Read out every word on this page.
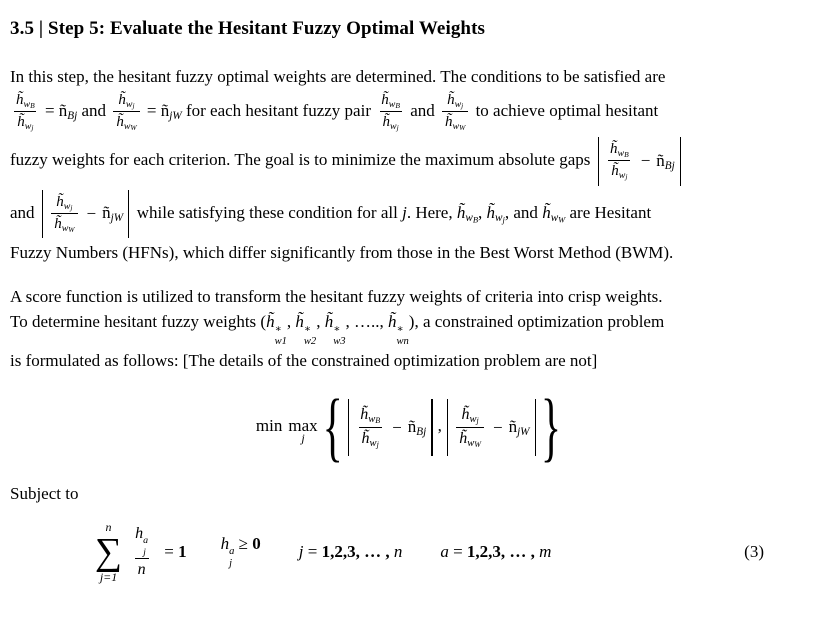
3.5 | Step 5: Evaluate the Hesitant Fuzzy Optimal Weights
In this step, the hesitant fuzzy optimal weights are determined. The conditions to be satisfied are
$\frac{h̃w_B}{h̃w_j}$ = ñBj and $\frac{h̃w_j}{h̃w_W}$ = ñjW for each hesitant fuzzy pair $\frac{h̃w_B}{h̃w_j}$ and $\frac{h̃w_j}{h̃w_W}$ to achieve optimal hesitant
fuzzy weights for each criterion. The goal is to minimize the maximum absolute gaps $\frac{h̃w_B}{h̃w_j}$ − ñBj
and $\frac{h̃w_j}{h̃w_W}$ − ñjW while satisfying these condition for all j. Here, $h̃w_B$, $h̃w_j$, and $h̃w_W$ are Hesitant
Fuzzy Numbers (HFNs), which differ significantly from those in the Best Worst Method (BWM).
A score function is utilized to transform the hesitant fuzzy weights of criteria into crisp weights.
To determine hesitant fuzzy weights (h̃ ∗
w1
, h̃ ∗
w2
, h̃ ∗
w3
, ….., h̃ ∗
wn
), a constrained optimization problem
is formulated as follows: [The details of the constrained optimization problem are not]
min max
j { $\frac{h̃w_B}{h̃w_j}$ − ñBj , $\frac{h̃w_j}{h̃w_W}$ − ñjW }
Subject to
n
∑
j=1 h a
j
n = 1 h a
j
≥ 0 j = 1,2,3, … , n a = 1,2,3, … , m	(3)
